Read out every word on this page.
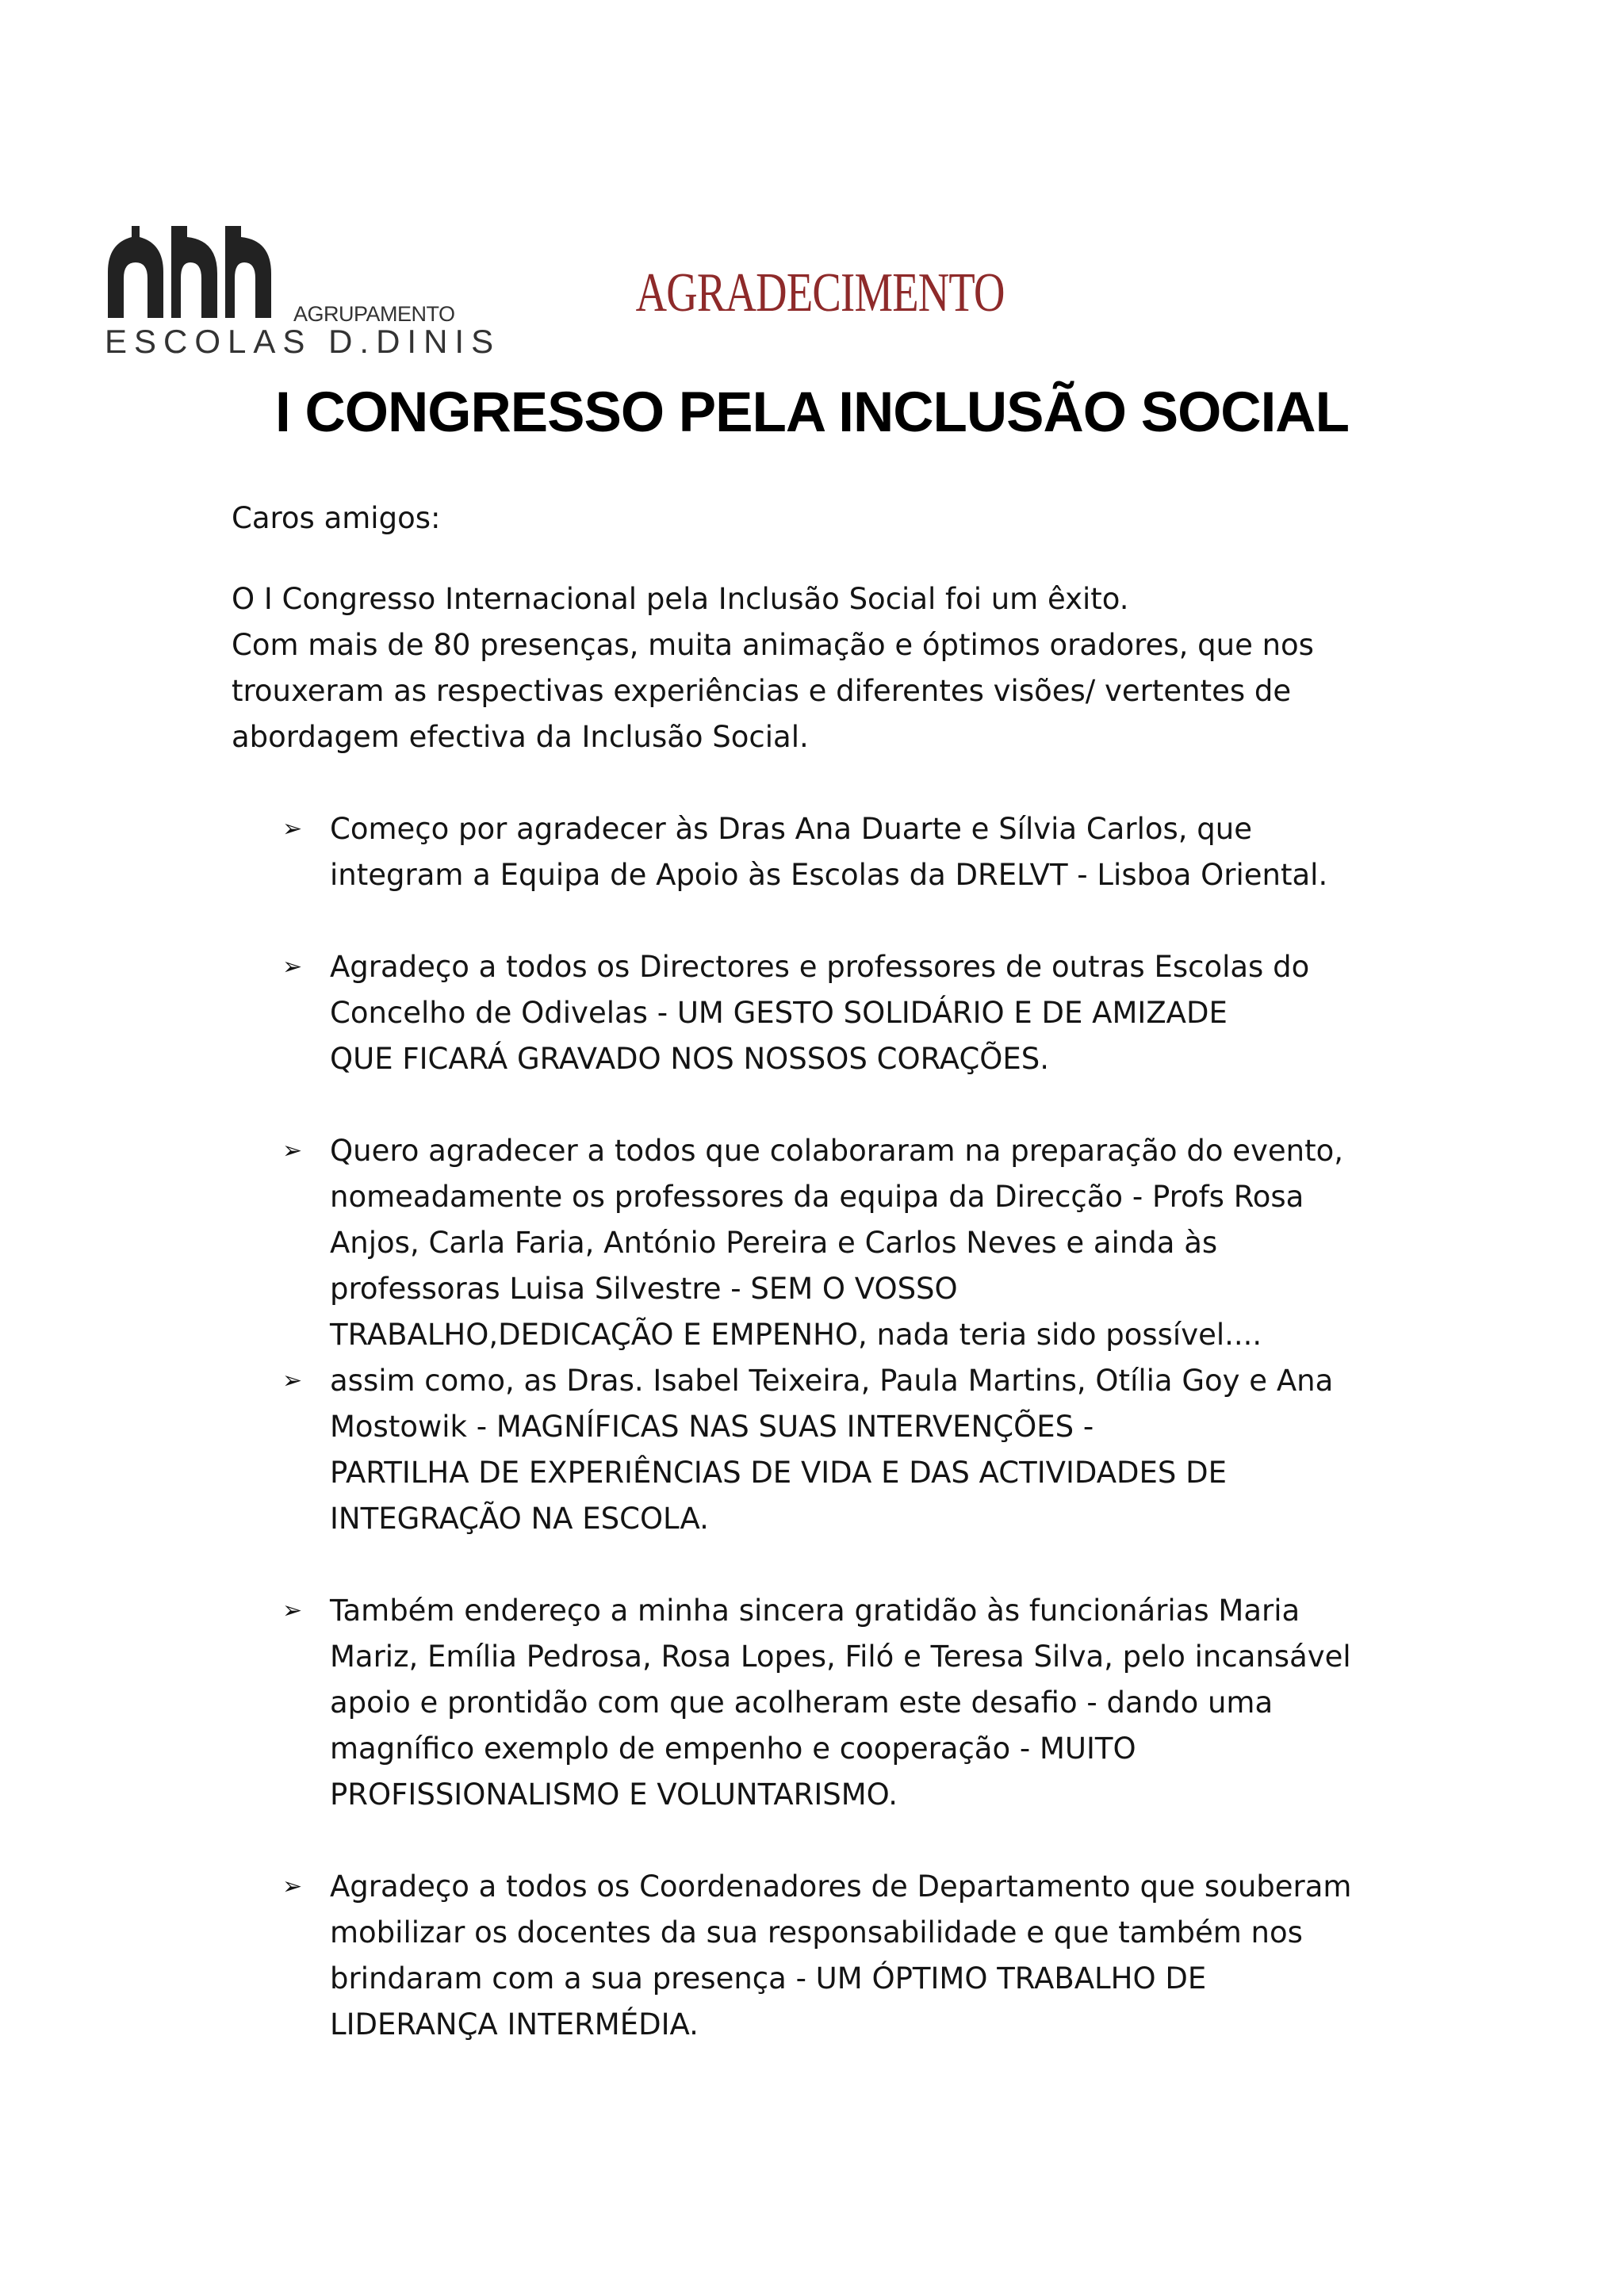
AGRUPAMENTO
ESCOLAS D.DINIS
AGRADECIMENTO
I CONGRESSO PELA INCLUSÃO SOCIAL

Caros amigos:

O I Congresso Internacional pela Inclusão Social foi um êxito.

Com mais de 80 presenças, muita animação e óptimos oradores, que nos

trouxeram as respectivas experiências e diferentes visões/ vertentes de

abordagem efectiva da Inclusão Social.

➢ Começo por agradecer às Dras Ana Duarte e Sílvia Carlos, que
integram a Equipa de Apoio às Escolas da DRELVT - Lisboa Oriental.
➢ Agradeço a todos os Directores e professores de outras Escolas do
Concelho de Odivelas - UM GESTO SOLIDÁRIO E DE AMIZADE
QUE FICARÁ GRAVADO NOS NOSSOS CORAÇÕES.
➢ Quero agradecer a todos que colaboraram na preparação do evento,
nomeadamente os professores da equipa da Direcção - Profs Rosa
Anjos, Carla Faria, António Pereira e Carlos Neves e ainda às
professoras Luisa Silvestre - SEM O VOSSO
TRABALHO,DEDICAÇÃO E EMPENHO, nada teria sido possível....
➢ assim como, as Dras. Isabel Teixeira, Paula Martins, Otília Goy e Ana
Mostowik - MAGNÍFICAS NAS SUAS INTERVENÇÕES -
PARTILHA DE EXPERIÊNCIAS DE VIDA E DAS ACTIVIDADES DE
INTEGRAÇÃO NA ESCOLA.
➢ Também endereço a minha sincera gratidão às funcionárias Maria
Mariz, Emília Pedrosa, Rosa Lopes, Filó e Teresa Silva, pelo incansável
apoio e prontidão com que acolheram este desafio - dando uma
magnífico exemplo de empenho e cooperação - MUITO
PROFISSIONALISMO E VOLUNTARISMO.
➢ Agradeço a todos os Coordenadores de Departamento que souberam
mobilizar os docentes da sua responsabilidade e que também nos
brindaram com a sua presença - UM ÓPTIMO TRABALHO DE
LIDERANÇA INTERMÉDIA.
